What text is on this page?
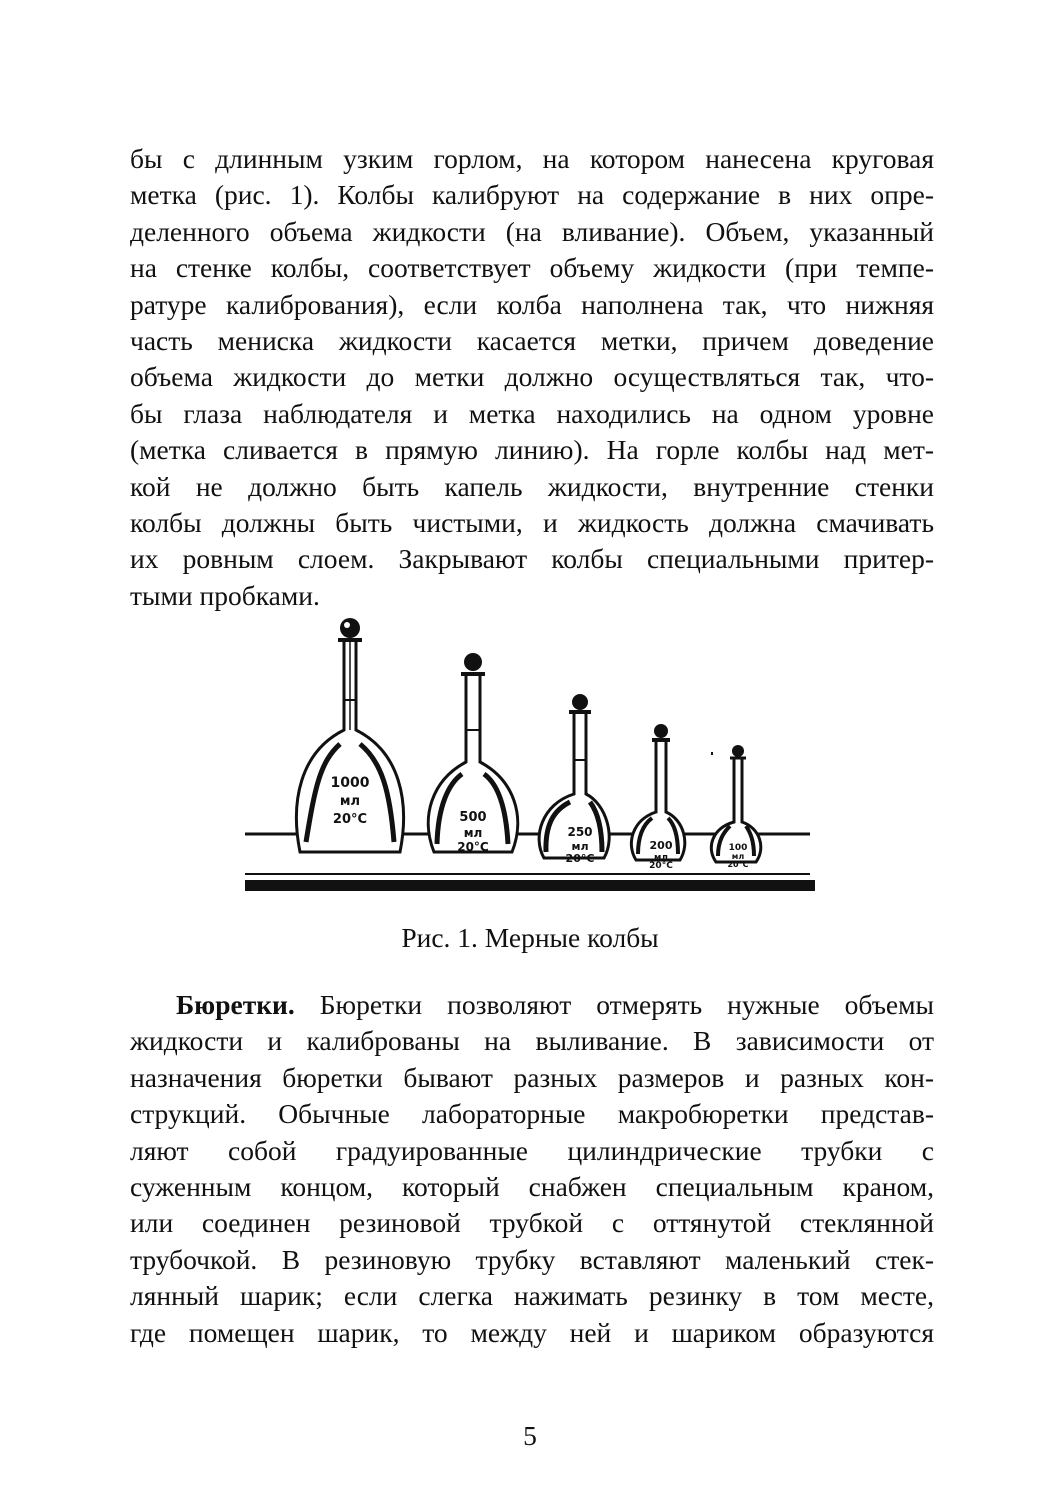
бы с длинным узким горлом, на котором нанесена круговая
метка (рис. 1). Колбы калибруют на содержание в них опре-
деленного объема жидкости (на вливание). Объем, указанный
на стенке колбы, соответствует объему жидкости (при темпе-
ратуре калибрования), если колба наполнена так, что нижняя
часть мениска жидкости касается метки, причем доведение
объема жидкости до метки должно осуществляться так, что-
бы глаза наблюдателя и метка находились на одном уровне
(метка сливается в прямую линию). На горле колбы над мет-
кой не должно быть капель жидкости, внутренние стенки
колбы должны быть чистыми, и жидкость должна смачивать
их ровным слоем. Закрывают колбы специальными притер-
тыми пробками.
1000
мл
20°C	500
мл
20°C
250
мл
20°C
200
мл
20°C
100
мл
20°C
Рис. 1. Мерные колбы
Бюретки. Бюретки позволяют отмерять нужные объемы
жидкости и калиброваны на выливание. В зависимости от
назначения бюретки бывают разных размеров и разных кон-
струкций. Обычные лабораторные макробюретки представ-
ляют собой градуированные цилиндрические трубки с
суженным концом, который снабжен специальным краном,
или соединен резиновой трубкой с оттянутой стеклянной
трубочкой. В резиновую трубку вставляют маленький стек-
лянный шарик; если слегка нажимать резинку в том месте,
где помещен шарик, то между ней и шариком образуются
5
